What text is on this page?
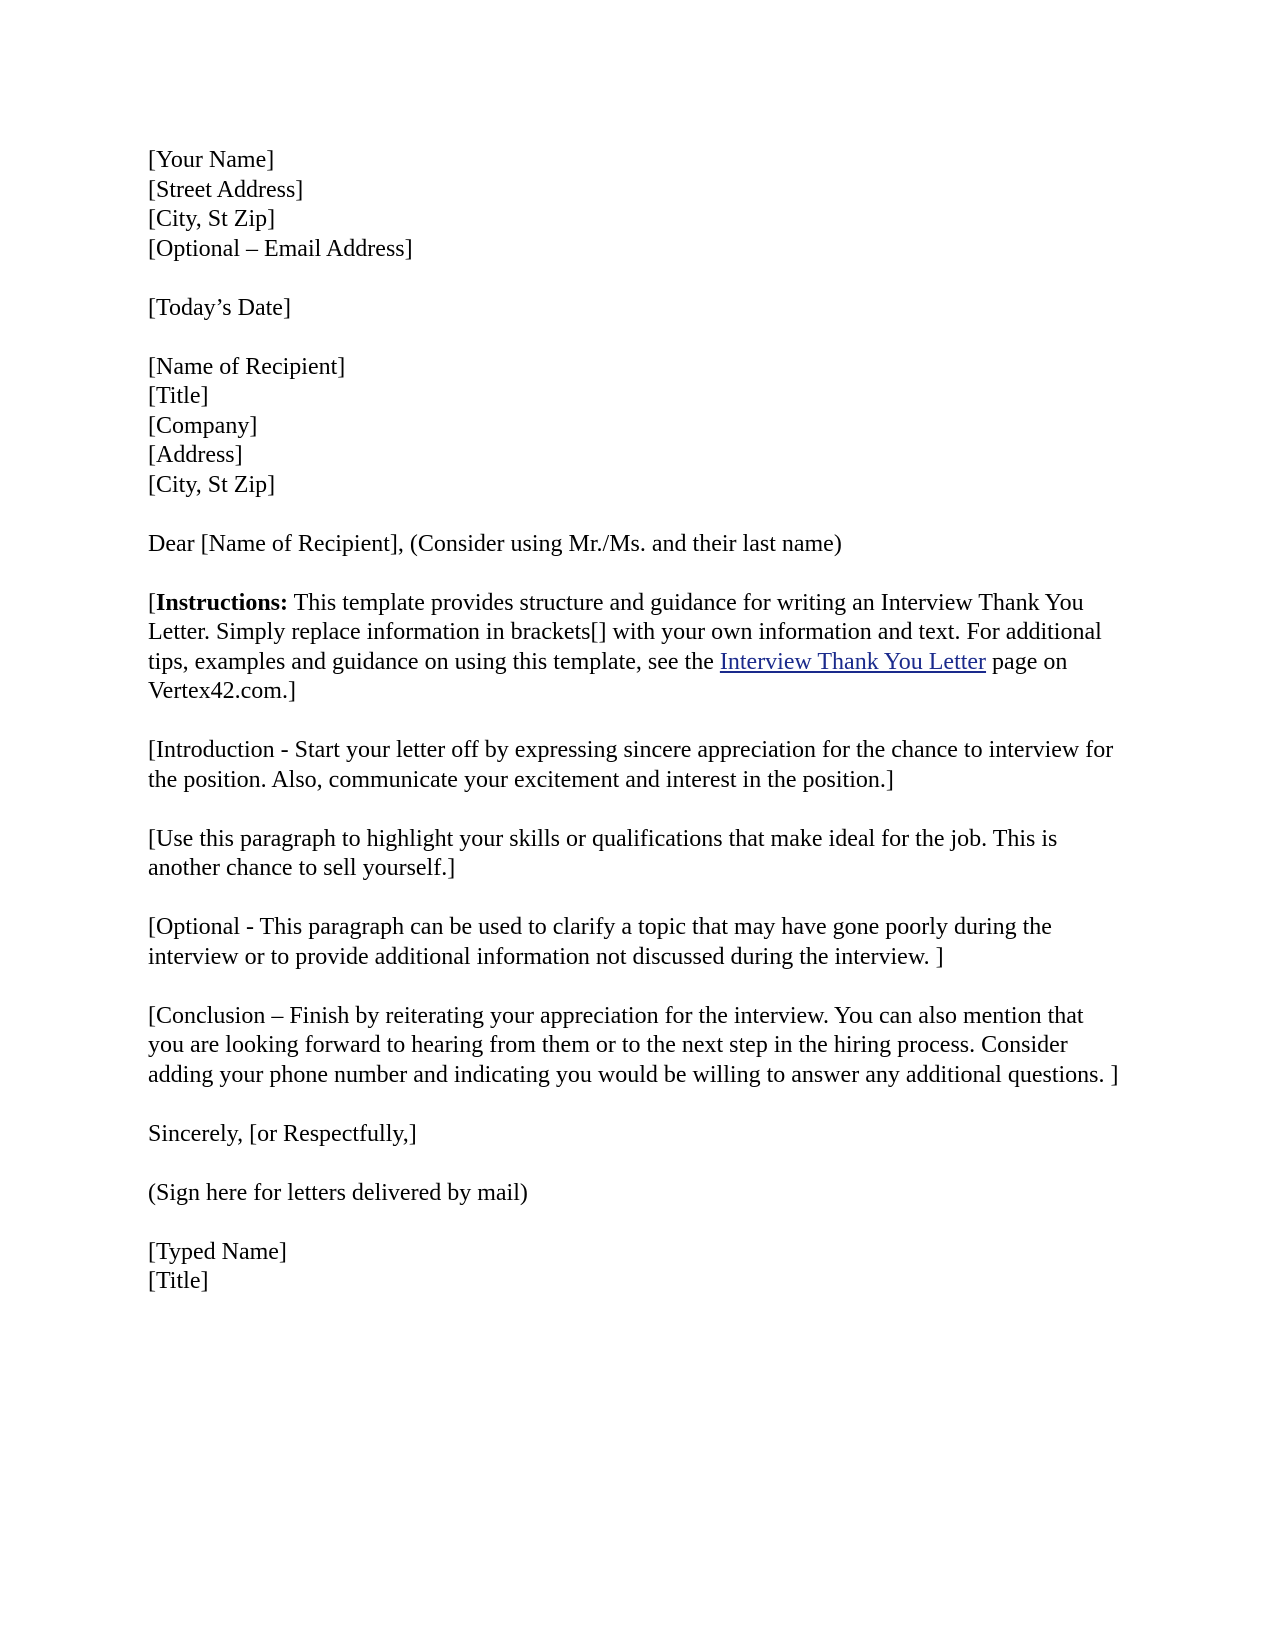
[Your Name]
[Street Address]
[City, St Zip]
[Optional – Email Address]
[Today’s Date]
[Name of Recipient]
[Title]
[Company]
[Address]
[City, St Zip]
Dear [Name of Recipient], (Consider using Mr./Ms. and their last name)

[Instructions: This template provides structure and guidance for writing an Interview Thank You Letter. Simply replace information in brackets[] with your own information and text. For additional tips, examples and guidance on using this template, see the Interview Thank You Letter page on Vertex42.com.]

[Introduction - Start your letter off by expressing sincere appreciation for the chance to interview for the position. Also, communicate your excitement and interest in the position.]

[Use this paragraph to highlight your skills or qualifications that make ideal for the job. This is another chance to sell yourself.]

[Optional - This paragraph can be used to clarify a topic that may have gone poorly during the interview or to provide additional information not discussed during the interview. ]

[Conclusion – Finish by reiterating your appreciation for the interview. You can also mention that you are looking forward to hearing from them or to the next step in the hiring process. Consider adding your phone number and indicating you would be willing to answer any additional questions. ]

Sincerely, [or Respectfully,]
(Sign here for letters delivered by mail)
[Typed Name]
[Title]
